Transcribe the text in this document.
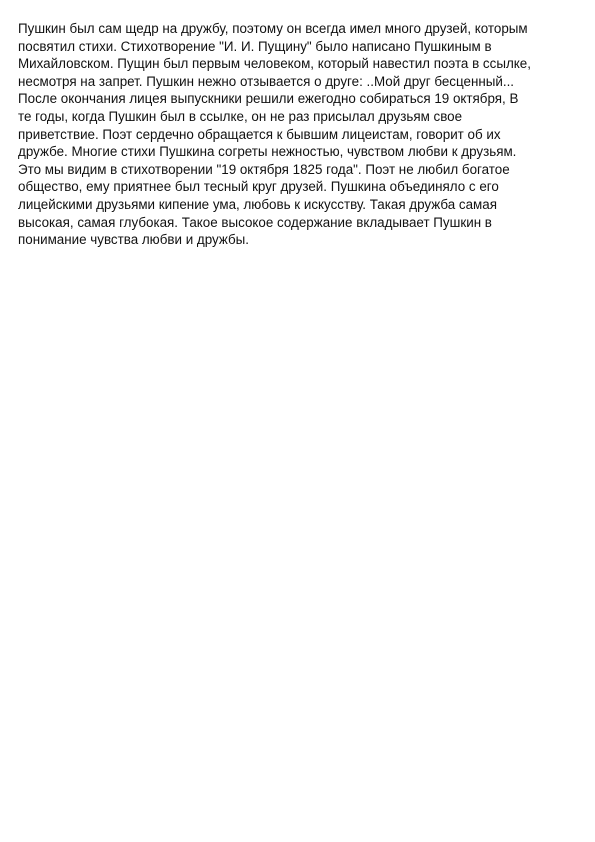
Пушкин был сам щедр на дружбу, поэтому он всегда имел много друзей, которым
посвятил стихи. Стихотворение "И. И. Пущину" было написано Пушкиным в
Михайловском. Пущин был первым человеком, который навестил поэта в ссылке,
несмотря на запрет. Пушкин нежно отзывается о друге: ..Мой друг бесценный...
После окончания лицея выпускники решили ежегодно собираться 19 октября, В
те годы, когда Пушкин был в ссылке, он не раз присылал друзьям свое
приветствие. Поэт сердечно обращается к бывшим лицеистам, говорит об их
дружбе. Многие стихи Пушкина согреты нежностью, чувством любви к друзьям.
Это мы видим в стихотворении "19 октября 1825 года". Поэт не любил богатое
общество, ему приятнее был тесный круг друзей. Пушкина объединяло с его
лицейскими друзьями кипение ума, любовь к искусству. Такая дружба самая
высокая, самая глубокая. Такое высокое содержание вкладывает Пушкин в
понимание чувства любви и дружбы.
